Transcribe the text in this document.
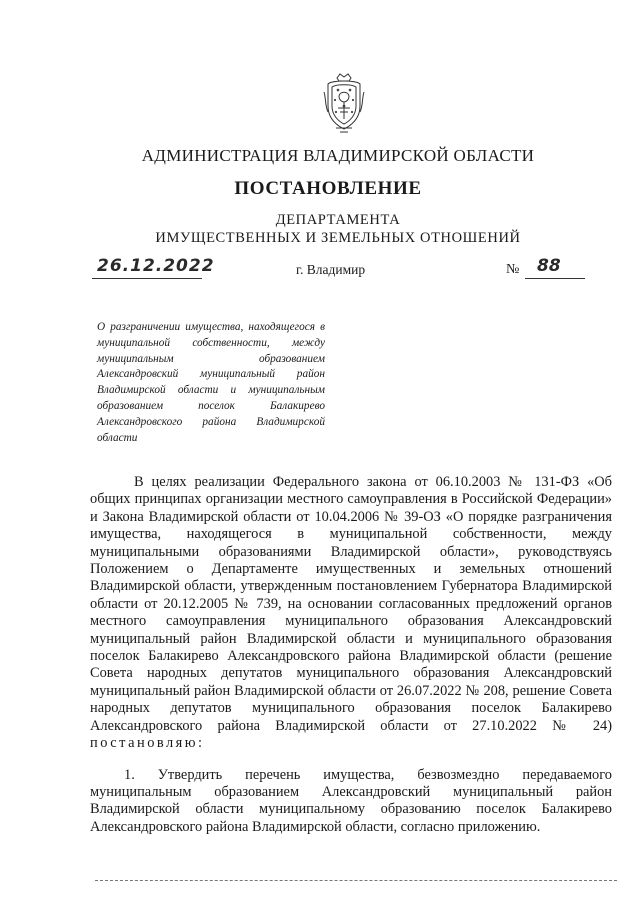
АДМИНИСТРАЦИЯ ВЛАДИМИРСКОЙ ОБЛАСТИ
ПОСТАНОВЛЕНИЕ
ДЕПАРТАМЕНТА
ИМУЩЕСТВЕННЫХ И ЗЕМЕЛЬНЫХ ОТНОШЕНИЙ
26.12.2022	г. Владимир	№ 88
О разграничении имущества, находящегося в муниципальной собственности, между муниципальным образованием Александровский муниципальный район Владимирской области и муниципальным образованием поселок Балакирево Александровского района Владимирской области

В целях реализации Федерального закона от 06.10.2003 № 131-ФЗ «Об общих принципах организации местного самоуправления в Российской Федерации» и Закона Владимирской области от 10.04.2006 № 39-ОЗ «О порядке разграничения имущества, находящегося в муниципальной собственности, между муниципальными образованиями Владимирской области», руководствуясь Положением о Департаменте имущественных и земельных отношений Владимирской области, утвержденным постановлением Губернатора Владимирской области от 20.12.2005 № 739, на основании согласованных предложений органов местного самоуправления муниципального образования Александровский муниципальный район Владимирской области и муниципального образования поселок Балакирево Александровского района Владимирской области (решение Совета народных депутатов муниципального образования Александровский муниципальный район Владимирской области от 26.07.2022 № 208, решение Совета народных депутатов муниципального образования поселок Балакирево Александровского района Владимирской области от 27.10.2022 № 24) постановляю:

1. Утвердить перечень имущества, безвозмездно передаваемого муниципальным образованием Александровский муниципальный район Владимирской области муниципальному образованию поселок Балакирево Александровского района Владимирской области, согласно приложению.
